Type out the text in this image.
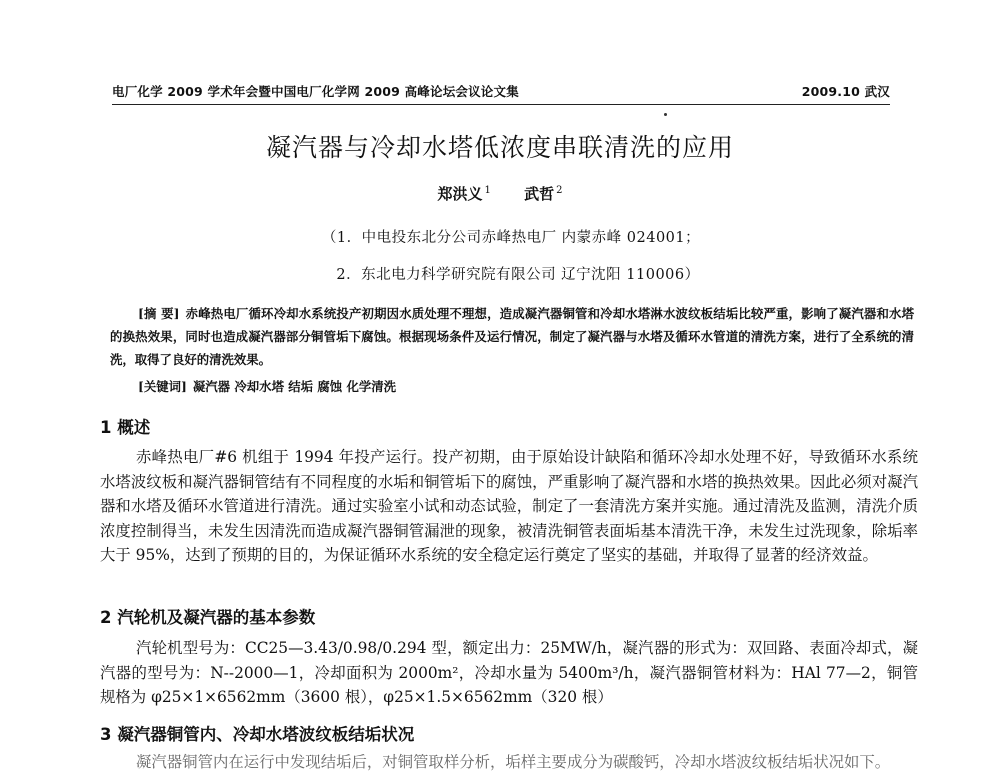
电厂化学 2009 学术年会暨中国电厂化学网 2009 高峰论坛会议论文集	2009.10 武汉
凝汽器与冷却水塔低浓度串联清洗的应用
郑洪义 $^1$ 武哲 $^2$
（1．中电投东北分公司赤峰热电厂 内蒙赤峰 024001；
2．东北电力科学研究院有限公司 辽宁沈阳 110006）
[摘 要] 赤峰热电厂循环冷却水系统投产初期因水质处理不理想，造成凝汽器铜管和冷却水塔淋水波纹板结垢比较严重，影响了凝汽器和水塔的换热效果，同时也造成凝汽器部分铜管垢下腐蚀。根据现场条件及运行情况，制定了凝汽器与水塔及循环水管道的清洗方案，进行了全系统的清洗，取得了良好的清洗效果。
[关键词] 凝汽器 冷却水塔 结垢 腐蚀 化学清洗
1 概述
赤峰热电厂#6 机组于 1994 年投产运行。投产初期，由于原始设计缺陷和循环冷却水处理不好，导致循环水系统水塔波纹板和凝汽器铜管结有不同程度的水垢和铜管垢下的腐蚀，严重影响了凝汽器和水塔的换热效果。因此必须对凝汽器和水塔及循环水管道进行清洗。通过实验室小试和动态试验，制定了一套清洗方案并实施。通过清洗及监测，清洗介质浓度控制得当，未发生因清洗而造成凝汽器铜管漏泄的现象，被清洗铜管表面垢基本清洗干净，未发生过洗现象，除垢率大于 95%，达到了预期的目的，为保证循环水系统的安全稳定运行奠定了坚实的基础，并取得了显著的经济效益。
2 汽轮机及凝汽器的基本参数
汽轮机型号为：CC25—3.43/0.98/0.294 型，额定出力：25MW/h，凝汽器的形式为：双回路、表面冷却式，凝汽器的型号为：N--2000—1，冷却面积为 2000m²，冷却水量为 5400m³/h，凝汽器铜管材料为：HAl 77—2，铜管规格为 φ25×1×6562mm（3600 根），φ25×1.5×6562mm（320 根）
3 凝汽器铜管内、冷却水塔波纹板结垢状况
凝汽器铜管内在运行中发现结垢后，对铜管取样分析，垢样主要成分为碳酸钙，冷却水塔波纹板结垢状况如下。
